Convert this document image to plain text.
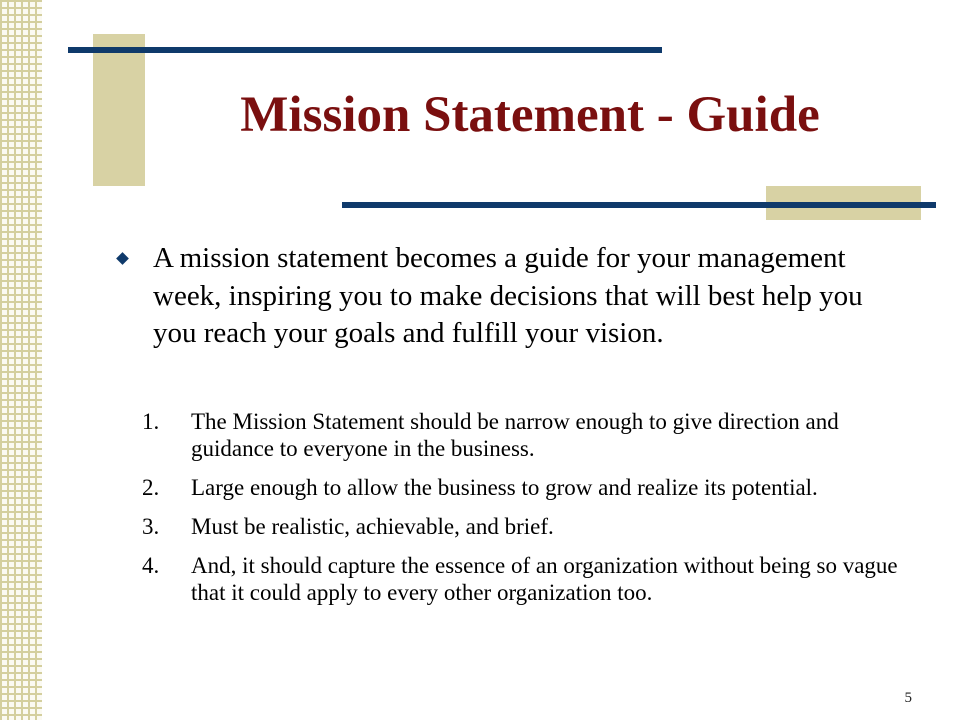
Mission Statement - Guide
A mission statement becomes a guide for your management week, inspiring you to make decisions that will best help you you reach your goals and fulfill your vision.
1.	The Mission Statement should be narrow enough to give direction and guidance to everyone in the business.
2.	Large enough to allow the business to grow and realize its potential.
3.	Must be realistic, achievable, and brief.
4.	And, it should capture the essence of an organization without being so vague that it could apply to every other organization too.
5
